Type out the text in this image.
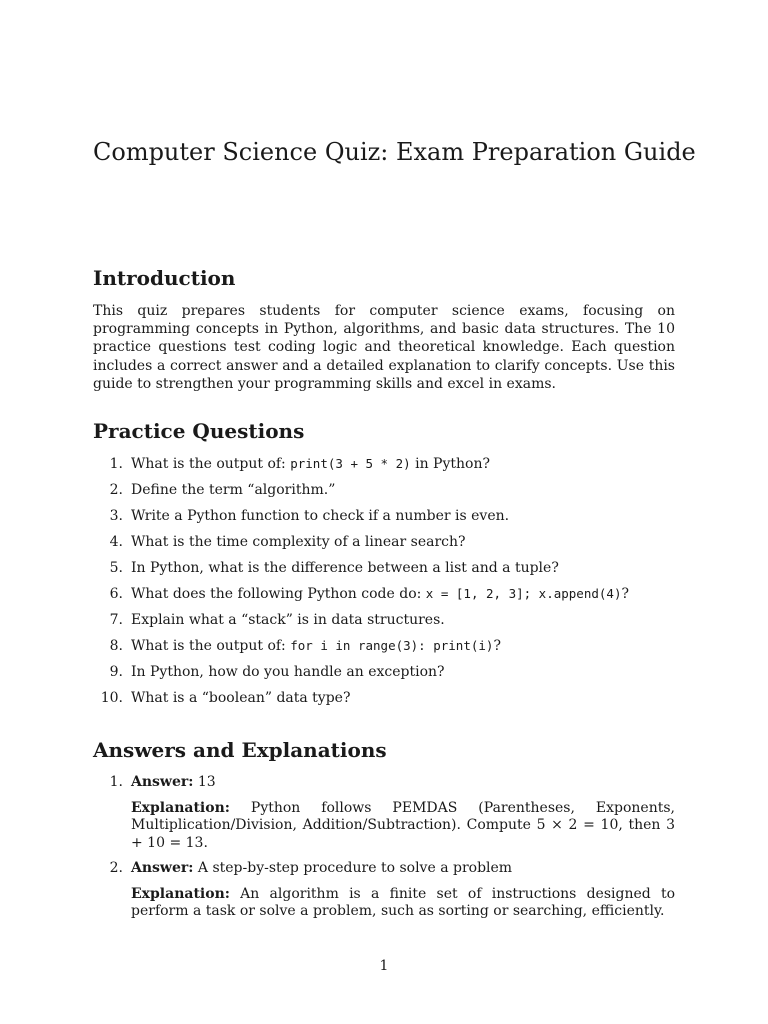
Computer Science Quiz: Exam Preparation Guide
Introduction

This quiz prepares students for computer science exams, focusing on programming concepts in Python, algorithms, and basic data structures. The 10 practice questions test coding logic and theoretical knowledge. Each question includes a correct answer and a detailed explanation to clarify concepts. Use this guide to strengthen your programming skills and excel in exams.

Practice Questions
1. What is the output of: print(3 + 5 * 2) in Python?
2. Define the term “algorithm.”
3. Write a Python function to check if a number is even.
4. What is the time complexity of a linear search?
5. In Python, what is the difference between a list and a tuple?
6. What does the following Python code do: x = [1, 2, 3]; x.append(4)?
7. Explain what a “stack” is in data structures.
8. What is the output of: for i in range(3): print(i)?
9. In Python, how do you handle an exception?
10. What is a “boolean” data type?
Answers and Explanations
1. Answer: 13

Explanation: Python follows PEMDAS (Parentheses, Exponents, Multiplication/Division, Addition/Subtraction). Compute 5 × 2 = 10, then 3 + 10 = 13.

2. Answer: A step-by-step procedure to solve a problem

Explanation: An algorithm is a finite set of instructions designed to perform a task or solve a problem, such as sorting or searching, efficiently.

1
